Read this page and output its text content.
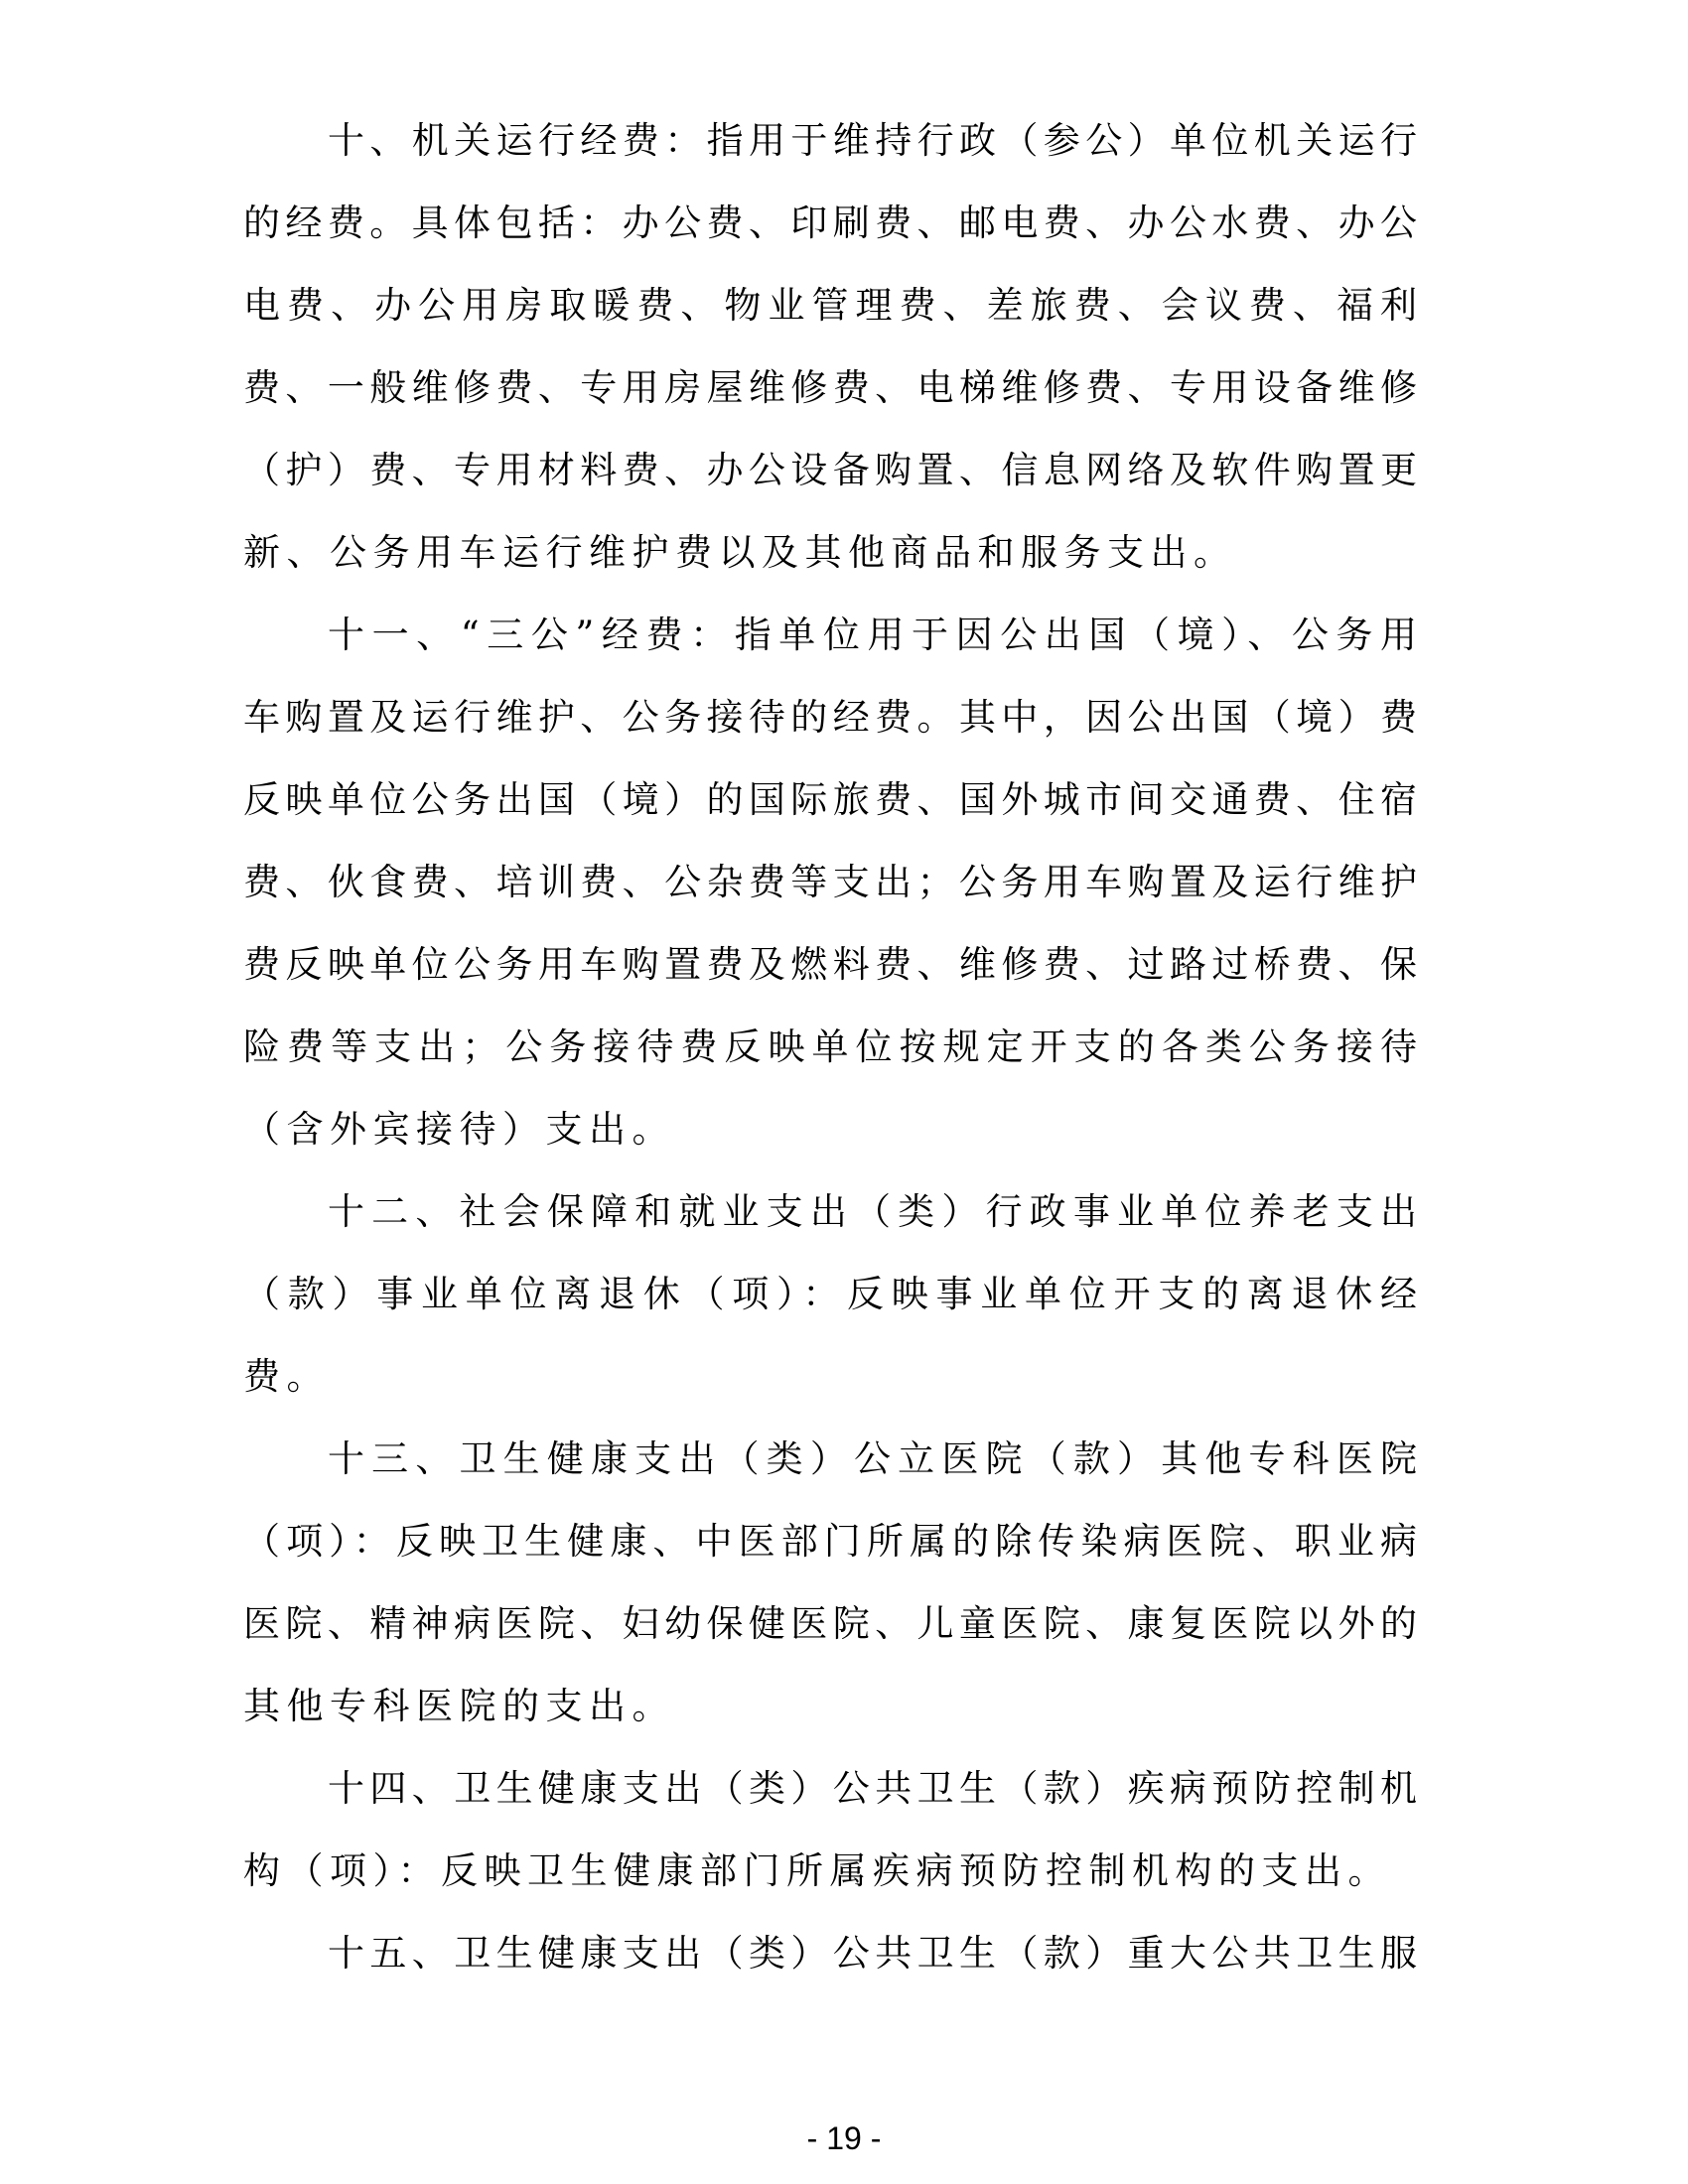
十、机关运行经费：指用于维持行政（参公）单位机关运行
的经费。具体包括：办公费、印刷费、邮电费、办公水费、办公
电费、办公用房取暖费、物业管理费、差旅费、会议费、福利
费、一般维修费、专用房屋维修费、电梯维修费、专用设备维修
（护）费、专用材料费、办公设备购置、信息网络及软件购置更
新、公务用车运行维护费以及其他商品和服务支出。
十一、“三公”经费：指单位用于因公出国（境）、公务用
车购置及运行维护、公务接待的经费。其中，因公出国（境）费
反映单位公务出国（境）的国际旅费、国外城市间交通费、住宿
费、伙食费、培训费、公杂费等支出；公务用车购置及运行维护
费反映单位公务用车购置费及燃料费、维修费、过路过桥费、保
险费等支出；公务接待费反映单位按规定开支的各类公务接待
（含外宾接待）支出。
十二、社会保障和就业支出（类）行政事业单位养老支出
（款）事业单位离退休（项）：反映事业单位开支的离退休经
费。
十三、卫生健康支出（类）公立医院（款）其他专科医院
（项）：反映卫生健康、中医部门所属的除传染病医院、职业病
医院、精神病医院、妇幼保健医院、儿童医院、康复医院以外的
其他专科医院的支出。
十四、卫生健康支出（类）公共卫生（款）疾病预防控制机
构（项）：反映卫生健康部门所属疾病预防控制机构的支出。
十五、卫生健康支出（类）公共卫生（款）重大公共卫生服
- 19 -
